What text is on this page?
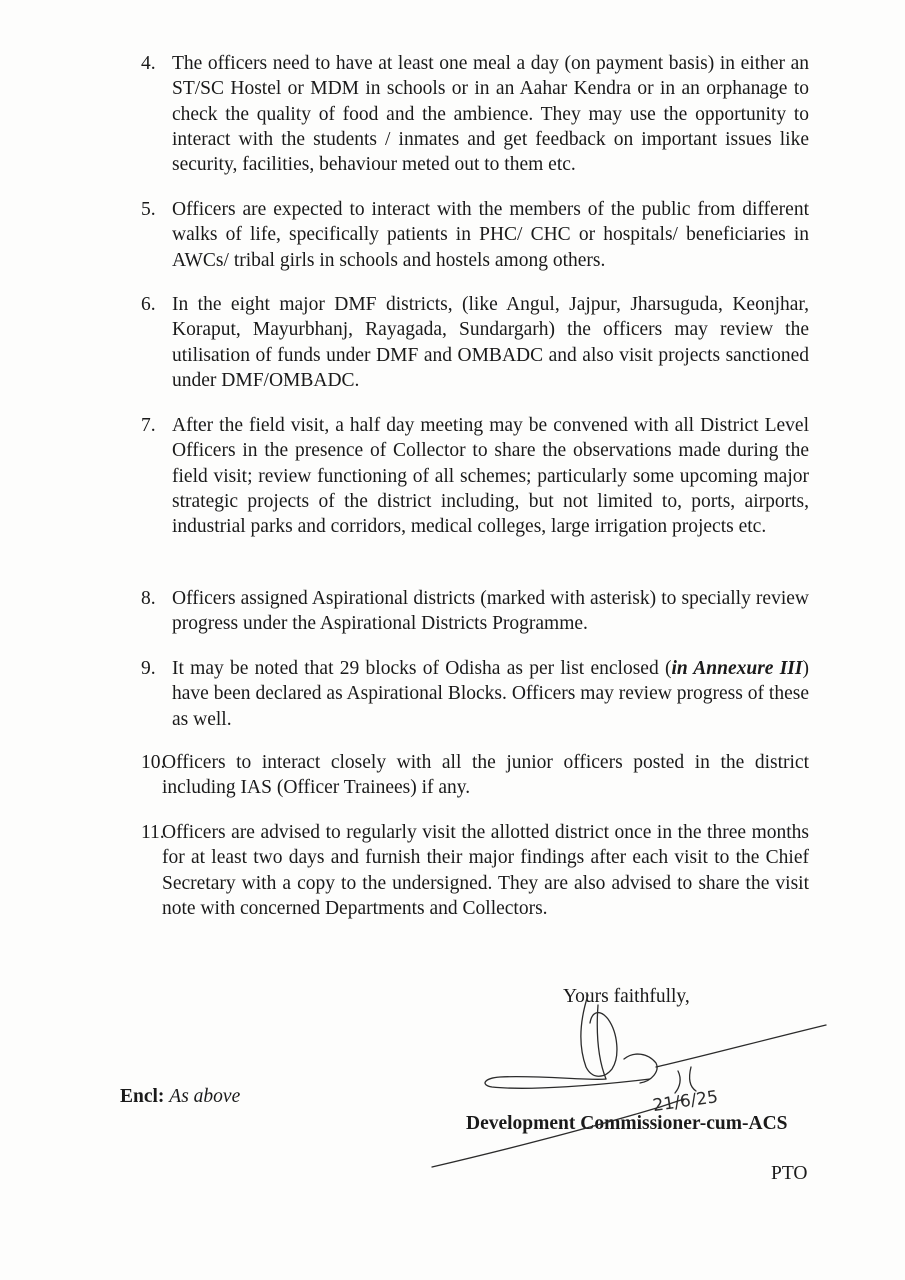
4. The officers need to have at least one meal a day (on payment basis) in either an ST/SC Hostel or MDM in schools or in an Aahar Kendra or in an orphanage to check the quality of food and the ambience. They may use the opportunity to interact with the students / inmates and get feedback on important issues like security, facilities, behaviour meted out to them etc.

5. Officers are expected to interact with the members of the public from different walks of life, specifically patients in PHC/ CHC or hospitals/ beneficiaries in AWCs/ tribal girls in schools and hostels among others.

6. In the eight major DMF districts, (like Angul, Jajpur, Jharsuguda, Keonjhar, Koraput, Mayurbhanj, Rayagada, Sundargarh) the officers may review the utilisation of funds under DMF and OMBADC and also visit projects sanctioned under DMF/OMBADC.

7. After the field visit, a half day meeting may be convened with all District Level Officers in the presence of Collector to share the observations made during the field visit; review functioning of all schemes; particularly some upcoming major strategic projects of the district including, but not limited to, ports, airports, industrial parks and corridors, medical colleges, large irrigation projects etc.

8. Officers assigned Aspirational districts (marked with asterisk) to specially review progress under the Aspirational Districts Programme.

9. It may be noted that 29 blocks of Odisha as per list enclosed (in Annexure III) have been declared as Aspirational Blocks. Officers may review progress of these as well.

10.

Officers to interact closely with all the junior officers posted in the district including IAS (Officer Trainees) if any.

11.

Officers are advised to regularly visit the allotted district once in the three months for at least two days and furnish their major findings after each visit to the Chief Secretary with a copy to the undersigned. They are also advised to share the visit note with concerned Departments and Collectors.

Yours faithfully,
Encl: As above
Development Commissioner-cum-ACS
PTO
21/6/25
